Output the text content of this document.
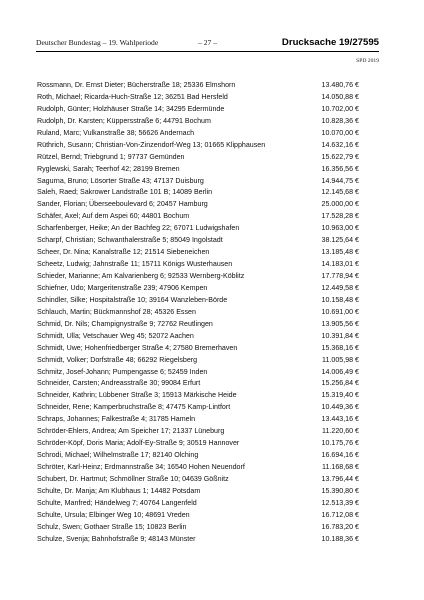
Deutscher Bundestag – 19. Wahlperiode	– 27 –	Drucksache 19/27595
SPD 2019
Rossmann, Dr. Ernst Dieter; Bücherstraße 18; 25336 Elmshorn	13.480,76 €
Roth, Michael; Ricarda-Huch-Straße 12; 36251 Bad Hersfeld	14.050,88 €
Rudolph, Günter; Holzhäuser Straße 14; 34295 Edermünde	10.702,00 €
Rudolph, Dr. Karsten; Küppersstraße 6; 44791 Bochum	10.828,36 €
Ruland, Marc; Vulkanstraße 38; 56626 Andernach	10.070,00 €
Rüthrich, Susann; Christian-Von-Zinzendorf-Weg 13; 01665 Klipphausen	14.632,16 €
Rützel, Bernd; Triebgrund 1; 97737 Gemünden	15.622,79 €
Ryglewski, Sarah; Teerhof 42; 28199 Bremen	16.356,56 €
Sagurna, Bruno; Lösorter Straße 43; 47137 Duisburg	14.944,75 €
Saleh, Raed; Sakrower Landstraße 101 B; 14089 Berlin	12.145,68 €
Sander, Florian; Überseeboulevard 6; 20457 Hamburg	25.000,00 €
Schäfer, Axel; Auf dem Aspei 60; 44801 Bochum	17.528,28 €
Scharfenberger, Heike; An der Bachfeg 22; 67071 Ludwigshafen	10.963,00 €
Scharpf, Christian; Schwanthalerstraße 5; 85049 Ingolstadt	38.125,64 €
Scheer, Dr. Nina; Kanalstraße 12; 21514 Siebeneichen	13.185,48 €
Scheetz, Ludwig; Jahnstraße 11; 15711 Königs Wusterhausen	14.183,01 €
Schieder, Marianne; Am Kalvarienberg 6; 92533 Wernberg-Köblitz	17.778,94 €
Schiefner, Udo; Margeritenstraße 239; 47906 Kempen	12.449,58 €
Schindler, Silke; Hospitalstraße 10; 39164 Wanzleben-Börde	10.158,48 €
Schlauch, Martin; Bückmannshof 28; 45326 Essen	10.691,00 €
Schmid, Dr. Nils; Champignystraße 9; 72762 Reutlingen	13.905,56 €
Schmidt, Ulla; Vetschauer Weg 45; 52072 Aachen	10.391,84 €
Schmidt, Uwe; Hohenfriedberger Straße 4; 27580 Bremerhaven	15.368,16 €
Schmidt, Volker; Dorfstraße 48; 66292 Riegelsberg	11.005,98 €
Schmitz, Josef-Johann; Pumpengasse 6; 52459 Inden	14.006,49 €
Schneider, Carsten; Andreasstraße 30; 99084 Erfurt	15.256,84 €
Schneider, Kathrin; Lübbener Straße 3; 15913 Märkische Heide	15.319,40 €
Schneider, Rene; Kamperbruchstraße 8; 47475 Kamp-Lintfort	10.449,36 €
Schraps, Johannes; Falkestraße 4; 31785 Hameln	13.443,16 €
Schröder-Ehlers, Andrea; Am Speicher 17; 21337 Lüneburg	11.220,60 €
Schröder-Köpf, Doris Maria; Adolf-Ey-Straße 9; 30519 Hannover	10.175,76 €
Schrodi, Michael; Wilhelmstraße 17; 82140 Olching	16.694,16 €
Schröter, Karl-Heinz; Erdmannstraße 34; 16540 Hohen Neuendorf	11.168,68 €
Schubert, Dr. Hartmut; Schmöllner Straße 10; 04639 Gößnitz	13.796,44 €
Schulte, Dr. Manja; Am Klubhaus 1; 14482 Potsdam	15.390,80 €
Schulte, Manfred; Händelweg 7; 40764 Langenfeld	12.513,39 €
Schulte, Ursula; Elbinger Weg 10; 48691 Vreden	16.712,08 €
Schulz, Swen; Gothaer Straße 15; 10823 Berlin	16.783,20 €
Schulze, Svenja; Bahnhofstraße 9; 48143 Münster	10.188,36 €
